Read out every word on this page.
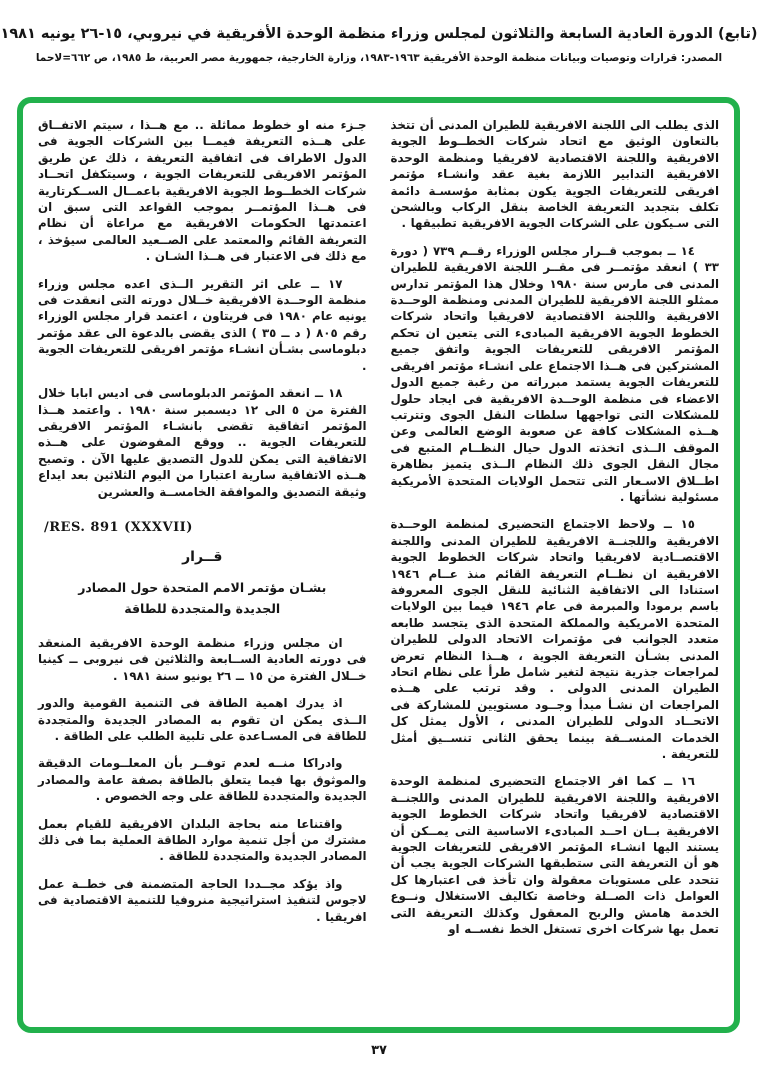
(تابع) الدورة العادية السابعة والثلاثون لمجلس وزراء منظمة الوحدة الأفريقية في نيروبي، ١٥-٢٦ يونيه ١٩٨١
المصدر: قرارات وتوصيات وبيانات منظمة الوحدة الأفريقية ١٩٦٣-١٩٨٣، وزارة الخارجية، جمهورية مصر العربية، ط ١٩٨٥، ص ٦٦٢=لاحما

الذى يطلب الى اللجنة الافريقية للطيران المدنى أن تتخذ بالتعاون الوثيق مع اتحاد شركات الخطــوط الجوية الافريقية واللجنة الاقتصادية لافريقيا ومنظمة الوحدة الافريقية التدابير اللازمة بغية عقد وانشـاء مؤتمر افريقى للتعريفات الجوية يكون بمثابة مؤسسـة دائمة تكلف بتجديد التعريفة الخاصة بنقل الركاب وبالشحن التى سـيكون على الشركات الجوية الافريقية تطبيقها .

١٤ ــ بموجب قــرار مجلس الوزراء رقــم ٧٣٩ ( دورة ٣٣ ) انعقد مؤتمــر فى مقــر اللجنة الافريقية للطيران المدنى فى مارس سنة ١٩٨٠ وخلال هذا المؤتمر تدارس ممثلو اللجنة الافريقية للطيران المدنى ومنظمة الوحــدة الافريقية واللجنة الاقتصادية لافريقيا واتحاد شركات الخطوط الجوية الافريقية المبادىء التى يتعين ان تحكم المؤتمر الافريقى للتعريفات الجوية واتفق جميع المشتركين فى هــذا الاجتماع على انشـاء مؤتمر افريقى للتعريفات الجوية يستمد مبرراته من رغبة جميع الدول الاعضاء فى منظمة الوحــدة الافريقية فى ايجاد حلول للمشكلات التى تواجهها سلطات النقل الجوى وتترتب هــذه المشكلات كافة عن صعوبة الوضع العالمى وعن الموقف الــذى اتخذته الدول حيال النظــام المتبع فى مجال النقل الجوى ذلك النظام الــذى يتميز بظاهرة اطــلاق الاسـعار التى تتحمل الولايات المتحدة الأمريكية مسئولية نشأتها .

١٥ ــ ولاحظ الاجتماع التحضيرى لمنظمة الوحــدة الافريقية واللجنــة الافريقية للطيران المدنى واللجنة الاقتصــادية لافريقيا واتحاد شركات الخطوط الجوية الافريقية ان نظــام التعريفة القائم منذ عــام ١٩٤٦ استنادا الى الاتفاقية الثنائية للنقل الجوى المعروفة باسم برمودا والمبرمة فى عام ١٩٤٦ فيما بين الولايات المتحدة الامريكية والمملكة المتحدة الذى يتجسد طابعه متعدد الجوانب فى مؤتمرات الاتحاد الدولى للطيران المدنى بشـأن التعريفة الجوية ، هــذا النظام تعرض لمراجعات جذرية نتيجة لتغير شامل طرأ على نظام اتحاد الطيران المدنى الدولى . وقد ترتب على هــذه المراجعات ان نشـأ مبدأ وجــود مستويين للمشاركة فى الاتحــاد الدولى للطيران المدنى ، الأول يمثل كل الخدمات المنســقة بينما يحقق الثانى تنســيق أمثل للتعريفة .

١٦ ــ كما اقر الاجتماع التحضيرى لمنظمة الوحدة الافريقية واللجنة الافريقية للطيران المدنى واللجنــة الاقتصادية لافريقيا واتحاد شركات الخطوط الجوية الافريقية بــان احــد المبادىء الاساسية التى يمــكن أن يستند اليها انشـاء المؤتمر الافريقى للتعريفات الجوية هو أن التعريفة التى ستطبقها الشركات الجوية يجب أن تتحدد على مستويات معقولة وان تأخذ فى اعتبارها كل العوامل ذات الصــلة وخاصة تكاليف الاستغلال ونــوع الخدمة هامش والربح المعقول وكذلك التعريفة التى تعمل بها شركات اخرى تستغل الخط نفســه او

جـزء منه او خطوط مماثلة .. مع هــذا ، سيتم الاتفــاق على هــذه التعريفة فيمــا بين الشركات الجوية فى الدول الاطراف فى اتفاقية التعريفة ، ذلك عن طريق المؤتمر الافريقى للتعريفات الجوية ، وسيتكفل اتحــاد شركات الخطــوط الجوية الافريقية باعمــال الســكرتارية فى هــذا المؤتمــر بموجب القواعد التى سبق ان اعتمدتها الحكومات الافريقية مع مراعاة أن نظام التعريفة القائم والمعتمد على الصــعيد العالمى سيؤخذ ، مع ذلك فى الاعتبار فى هــذا الشـان .

١٧ ــ على اثر التقرير الــذى اعده مجلس وزراء منظمة الوحــدة الافريقية خــلال دورته التى انعقدت فى يونيه عام ١٩٨٠ فى فريتاون ، اعتمد قرار مجلس الوزراء رقم ٨٠٥ ( د ــ ٣٥ ) الذى يقضى بالدعوة الى عقد مؤتمر دبلوماسى بشـأن انشـاء مؤتمر افريقى للتعريفات الجوية .

١٨ ــ انعقد المؤتمر الدبلوماسى فى اديس ابابا خلال الفترة من ٥ الى ١٢ ديسمبر سنة ١٩٨٠ . واعتمد هــذا المؤتمر اتفاقية تقضى بانشـاء المؤتمر الافريقى للتعريفات الجوية .. ووقع المفوضون على هــذه الاتفاقية التى يمكن للدول التصديق عليها الآن . وتصبح هــذه الاتفاقية سارية اعتبارا من اليوم الثلاثين بعد ايداع وثيقة التصديق والموافقة الخامســة والعشرين

/RES. 891 (XXXVII)
قــرار
بشـان مؤتمر الامم المتحدة حول المصادر
الجديدة والمتجددة للطاقة

ان مجلس وزراء منظمة الوحدة الافريقية المنعقد فى دورته العادية الســابعة والثلاثين فى نيروبى ــ كينيا خــلال الفترة من ١٥ ــ ٢٦ يونيو سنة ١٩٨١ .

اذ يدرك اهمية الطاقة فى التنمية القومية والدور الــذى يمكن ان تقوم به المصادر الجديدة والمتجددة للطاقة فى المسـاعدة على تلبية الطلب على الطاقة .

وادراكا منــه لعدم توفــر بأن المعلــومات الدقيقة والموثوق بها فيما يتعلق بالطاقة بصفة عامة والمصادر الجديدة والمتجددة للطاقة على وجه الخصوص .

واقتناعا منه بحاجة البلدان الافريقية للقيام بعمل مشترك من أجل تنمية موارد الطاقة العملية بما فى ذلك المصادر الجديدة والمتجددة للطاقة .

واذ يؤكد مجــددا الحاجة المتضمنة فى خطــة عمل لاجوس لتنفيذ استراتيجية منروفيا للتنمية الاقتصادية فى افريقيا .

٣٧
